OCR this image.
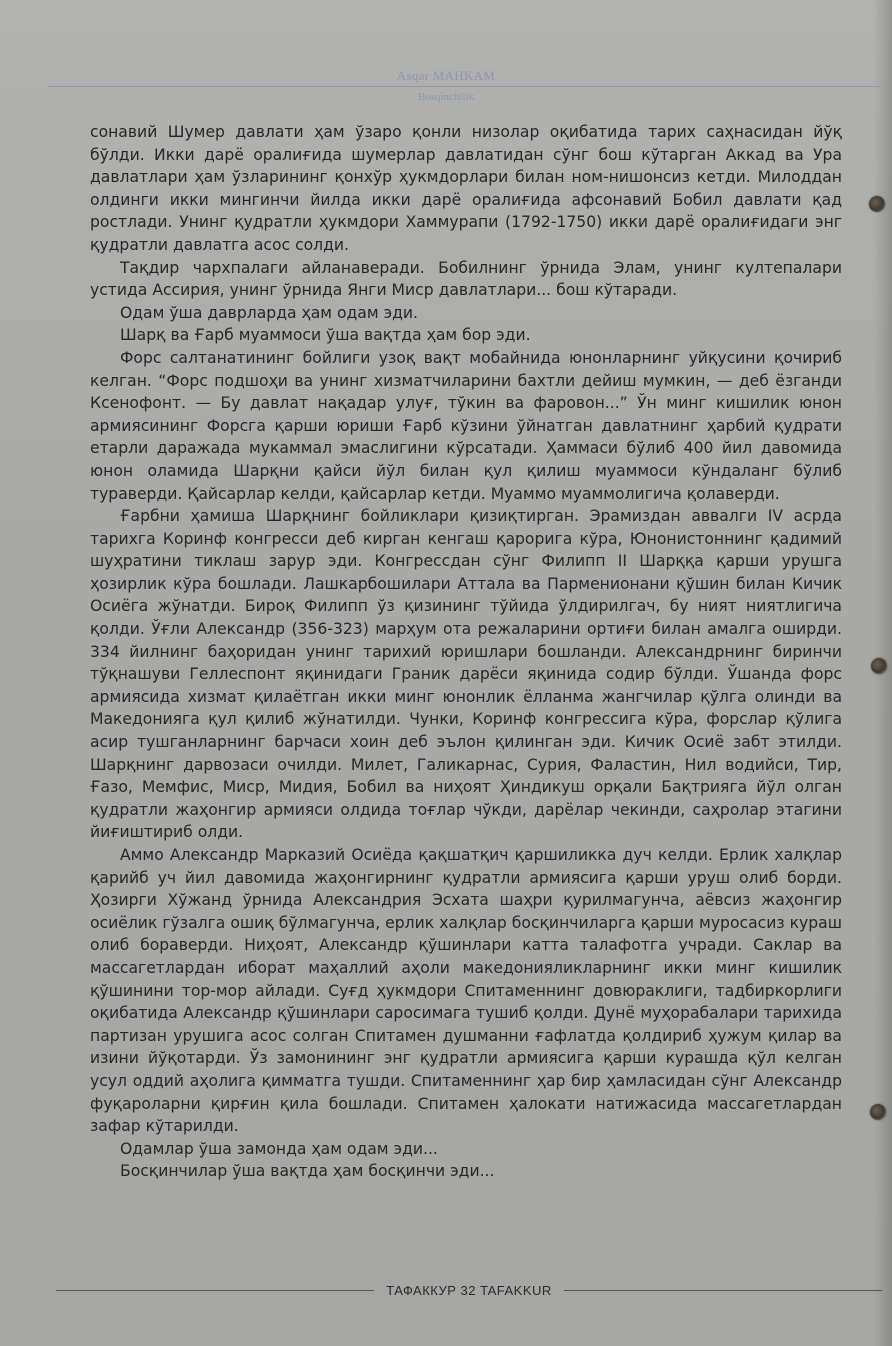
Asqar MAHKAM
Bosqinchilik

сонавий Шумер давлати ҳам ўзаро қонли низолар оқибатида тарих саҳнасидан йўқ бўлди. Икки дарё оралиғида шумерлар давлатидан сўнг бош кўтарган Аккад ва Ура давлатлари ҳам ўзларининг қонхўр ҳукмдорлари билан ном-нишонсиз кетди. Милоддан олдинги икки мингинчи йилда икки дарё оралиғида афсонавий Бобил давлати қад ростлади. Унинг қудратли ҳукмдори Хаммурапи (1792-1750) икки дарё оралиғидаги энг қудратли давлатга асос солди.

Тақдир чархпалаги айланаверади. Бобилнинг ўрнида Элам, унинг култепалари устида Ассирия, унинг ўрнида Янги Миср давлатлари... бош кўтаради.

Одам ўша даврларда ҳам одам эди.

Шарқ ва Ғарб муаммоси ўша вақтда ҳам бор эди.

Форс салтанатининг бойлиги узоқ вақт мобайнида юнонларнинг уйқусини қочириб келган. “Форс подшоҳи ва унинг хизматчиларини бахтли дейиш мумкин, — деб ёзганди Ксенофонт. — Бу давлат нақадар улуғ, тўкин ва фаровон...” Ўн минг кишилик юнон армиясининг Форсга қарши юриши Ғарб кўзини ўйнатган давлатнинг ҳарбий қудрати етарли даражада мукаммал эмаслигини кўрсатади. Ҳаммаси бўлиб 400 йил давомида юнон оламида Шарқни қайси йўл билан қул қилиш муаммоси кўндаланг бўлиб тураверди. Қайсарлар келди, қайсарлар кетди. Муаммо муаммолигича қолаверди.

Ғарбни ҳамиша Шарқнинг бойликлари қизиқтирган. Эрамиздан аввалги IV асрда тарихга Коринф конгресси деб кирган кенгаш қарорига кўра, Юнонистоннинг қадимий шуҳратини тиклаш зарур эди. Конгрессдан сўнг Филипп II Шарққа қарши урушга ҳозирлик кўра бошлади. Лашкарбошилари Аттала ва Парменионани қўшин билан Кичик Осиёга жўнатди. Бироқ Филипп ўз қизининг тўйида ўлдирилгач, бу ният ниятлигича қолди. Ўғли Александр (356-323) марҳум ота режаларини ортиғи билан амалга оширди. 334 йилнинг баҳоридан унинг тарихий юришлари бошланди. Александрнинг биринчи тўқнашуви Геллеспонт яқинидаги Граник дарёси яқинида содир бўлди. Ўшанда форс армиясида хизмат қилаётган икки минг юнонлик ёлланма жангчилар қўлга олинди ва Македонияга қул қилиб жўнатилди. Чунки, Коринф конгрессига кўра, форслар қўлига асир тушганларнинг барчаси хоин деб эълон қилинган эди. Кичик Осиё забт этилди. Шарқнинг дарвозаси очилди. Милет, Галикарнас, Сурия, Фаластин, Нил водийси, Тир, Ғазо, Мемфис, Миср, Мидия, Бобил ва ниҳоят Ҳиндикуш орқали Бақтрияга йўл олган қудратли жаҳонгир армияси олдида тоғлар чўкди, дарёлар чекинди, саҳролар этагини йиғиштириб олди.

Аммо Александр Марказий Осиёда қақшатқич қаршиликка дуч келди. Ерлик халқлар қарийб уч йил давомида жаҳонгирнинг қудратли армиясига қарши уруш олиб борди. Ҳозирги Хўжанд ўрнида Александрия Эсхата шаҳри қурилмагунча, аёвсиз жаҳонгир осиёлик гўзалга ошиқ бўлмагунча, ерлик халқлар босқинчиларга қарши муросасиз кураш олиб бораверди. Ниҳоят, Александр қўшинлари катта талафотга учради. Саклар ва массагетлардан иборат маҳаллий аҳоли македонияликларнинг икки минг кишилик қўшинини тор-мор айлади. Суғд ҳукмдори Спитаменнинг довюраклиги, тадбиркорлиги оқибатида Александр қўшинлари саросимага тушиб қолди. Дунё муҳорабалари тарихида партизан урушига асос солган Спитамен душманни ғафлатда қолдириб ҳужум қилар ва изини йўқотарди. Ўз замонининг энг қудратли армиясига қарши курашда қўл келган усул оддий аҳолига қимматга тушди. Спитаменнинг ҳар бир ҳамласидан сўнг Александр фуқароларни қирғин қила бошлади. Спитамен ҳалокати натижасида массагетлардан зафар кўтарилди.

Одамлар ўша замонда ҳам одам эди...

Босқинчилар ўша вақтда ҳам босқинчи эди...

ТАФАККУР 32 TAFAKKUR
